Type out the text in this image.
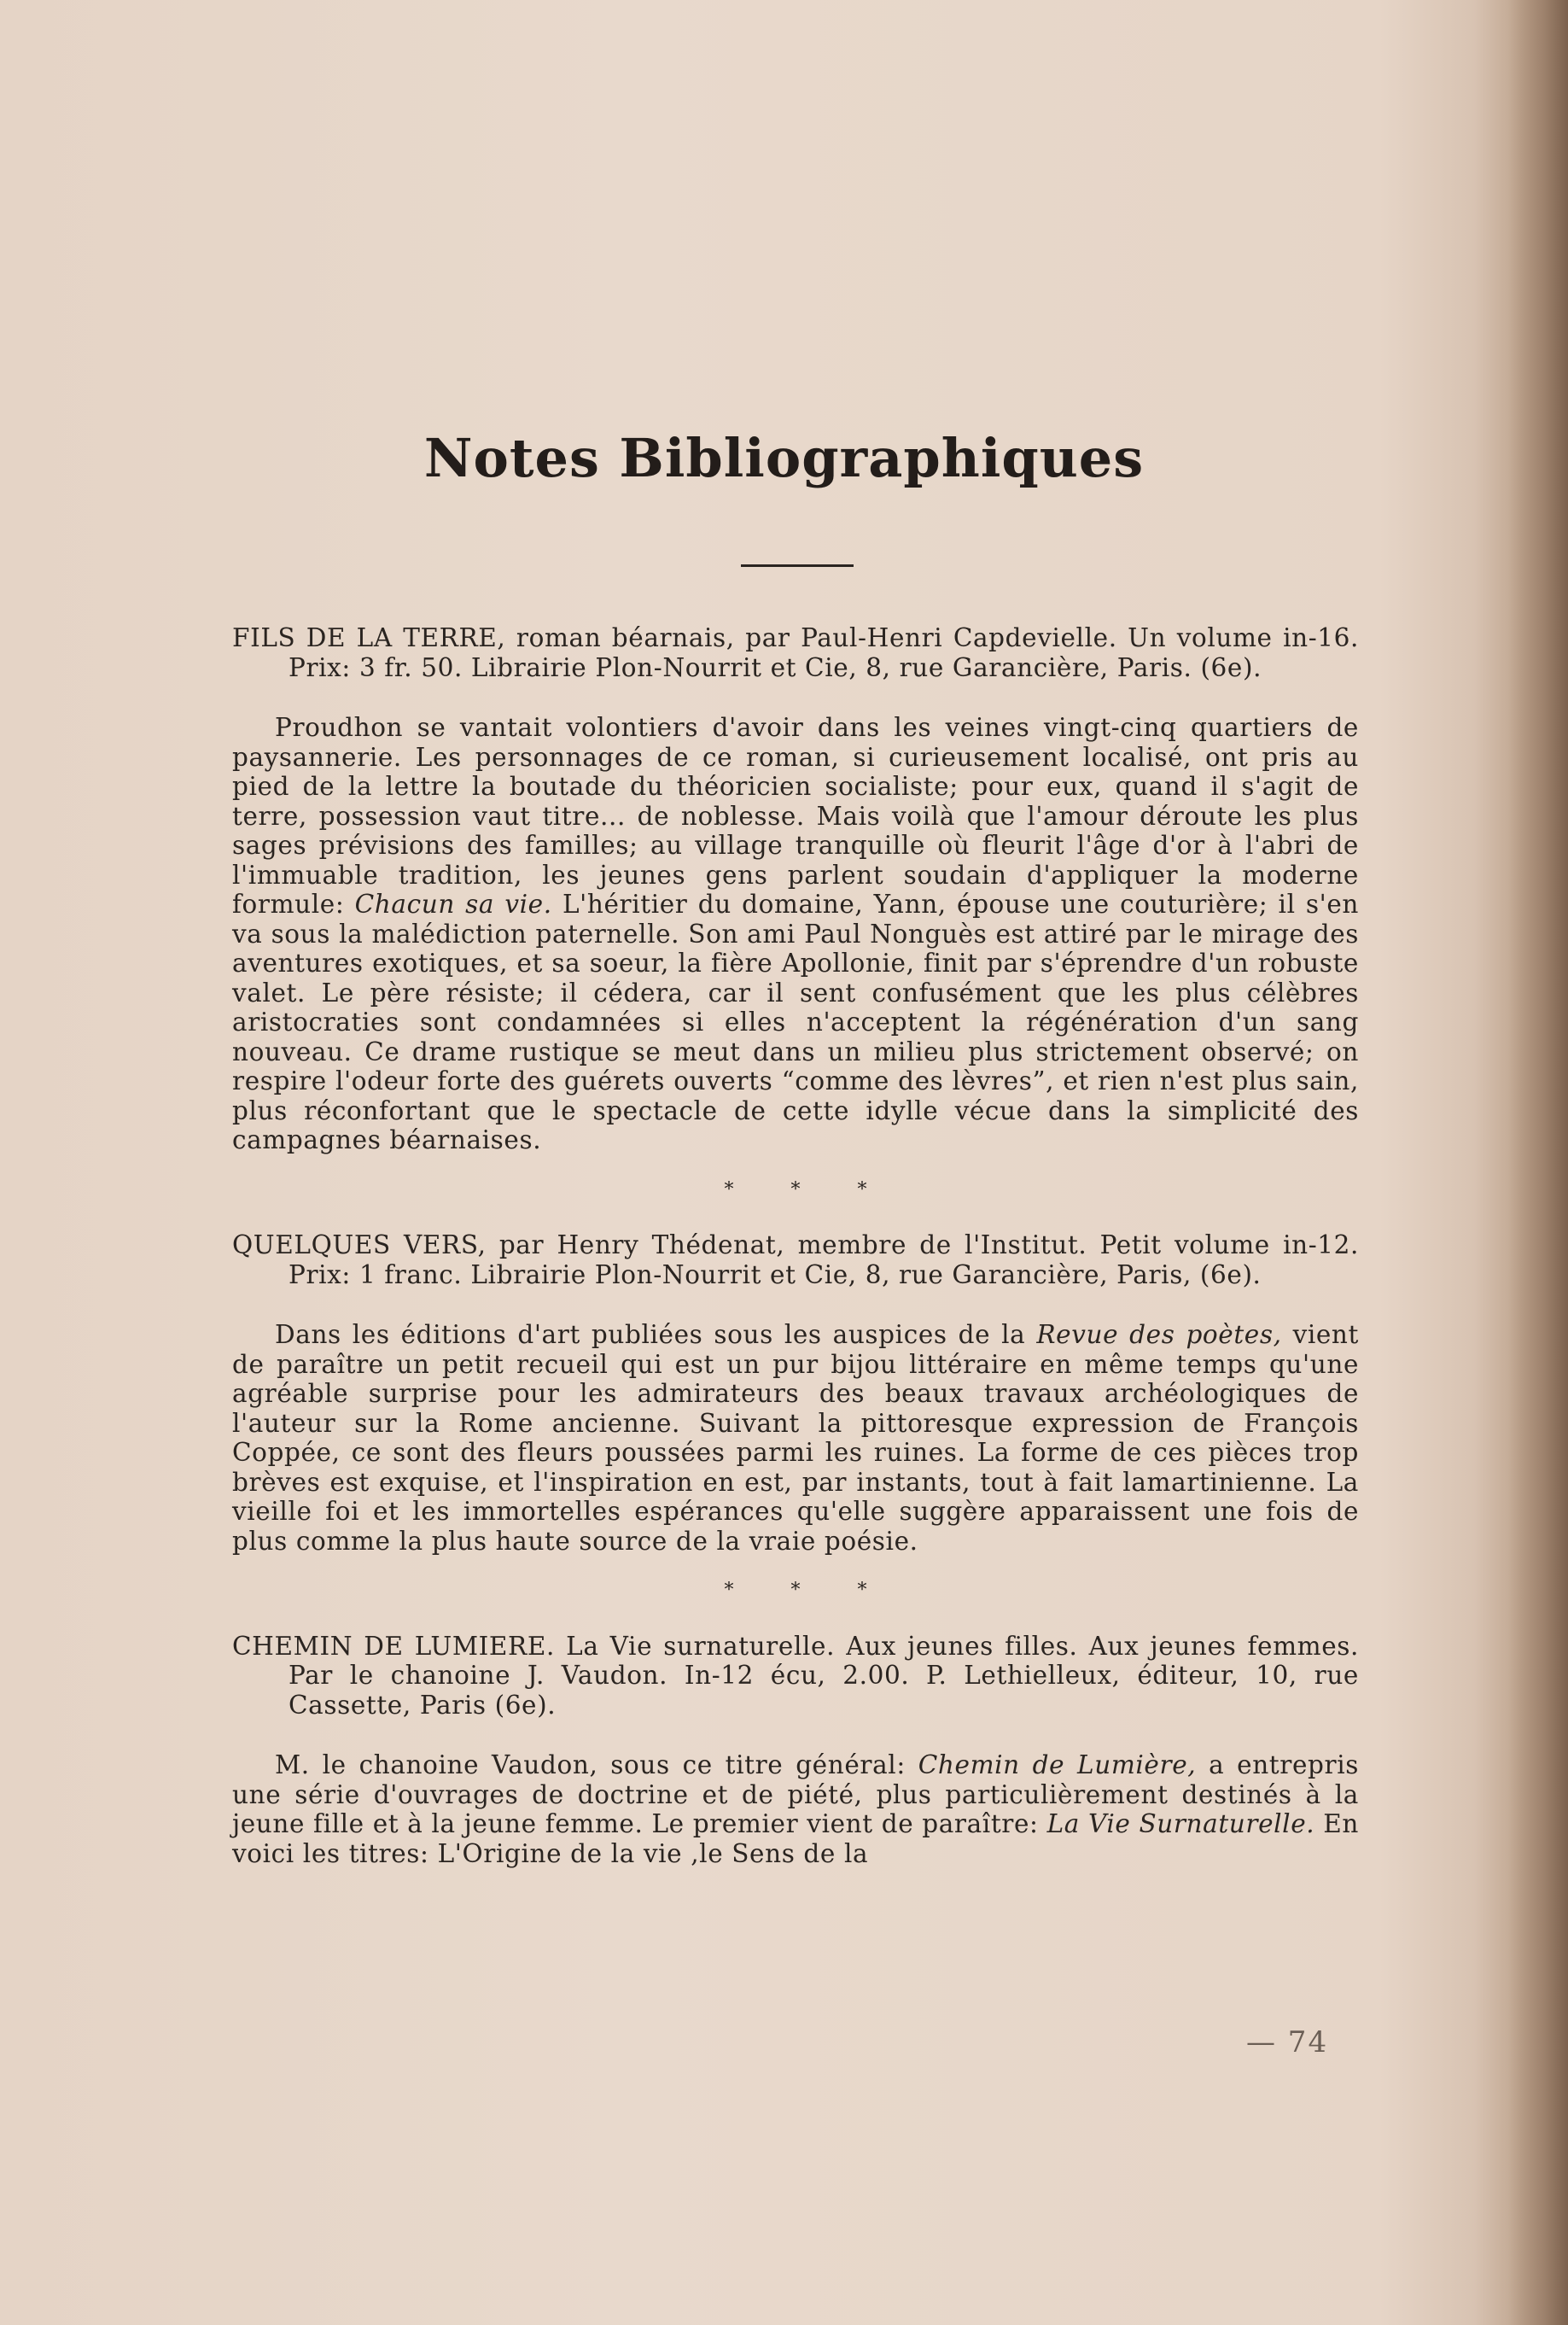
Notes Bibliographiques

FILS DE LA TERRE, roman béarnais, par Paul-Henri Capdevielle. Un volume in-16. Prix: 3 fr. 50. Librairie Plon-Nourrit et Cie, 8, rue Garancière, Paris. (6e).

Proudhon se vantait volontiers d'avoir dans les veines vingt-cinq quartiers de paysannerie. Les personnages de ce roman, si curieusement localisé, ont pris au pied de la lettre la boutade du théoricien socialiste; pour eux, quand il s'agit de terre, possession vaut titre... de noblesse. Mais voilà que l'amour déroute les plus sages prévisions des familles; au village tranquille où fleurit l'âge d'or à l'abri de l'immuable tradition, les jeunes gens parlent soudain d'appliquer la moderne formule: Chacun sa vie. L'héritier du domaine, Yann, épouse une couturière; il s'en va sous la malédiction paternelle. Son ami Paul Nonguès est attiré par le mirage des aventures exotiques, et sa soeur, la fière Apollonie, finit par s'éprendre d'un robuste valet. Le père résiste; il cédera, car il sent confusément que les plus célèbres aristocraties sont condamnées si elles n'acceptent la régénération d'un sang nouveau. Ce drame rustique se meut dans un milieu plus strictement observé; on respire l'odeur forte des guérets ouverts “comme des lèvres”, et rien n'est plus sain, plus réconfortant que le spectacle de cette idylle vécue dans la simplicité des campagnes béarnaises.

* * *

QUELQUES VERS, par Henry Thédenat, membre de l'Institut. Petit volume in-12. Prix: 1 franc. Librairie Plon-Nourrit et Cie, 8, rue Garancière, Paris, (6e).

Dans les éditions d'art publiées sous les auspices de la Revue des poètes, vient de paraître un petit recueil qui est un pur bijou littéraire en même temps qu'une agréable surprise pour les admirateurs des beaux travaux archéologiques de l'auteur sur la Rome ancienne. Suivant la pittoresque expression de François Coppée, ce sont des fleurs poussées parmi les ruines. La forme de ces pièces trop brèves est exquise, et l'inspiration en est, par instants, tout à fait lamartinienne. La vieille foi et les immortelles espérances qu'elle suggère apparaissent une fois de plus comme la plus haute source de la vraie poésie.

* * *

CHEMIN DE LUMIERE. La Vie surnaturelle. Aux jeunes filles. Aux jeunes femmes. Par le chanoine J. Vaudon. In-12 écu, 2.00. P. Lethielleux, éditeur, 10, rue Cassette, Paris (6e).

M. le chanoine Vaudon, sous ce titre général: Chemin de Lumière, a entrepris une série d'ouvrages de doctrine et de piété, plus particulièrement destinés à la jeune fille et à la jeune femme. Le premier vient de paraître: La Vie Surnaturelle. En voici les titres: L'Origine de la vie ,le Sens de la

— 74
